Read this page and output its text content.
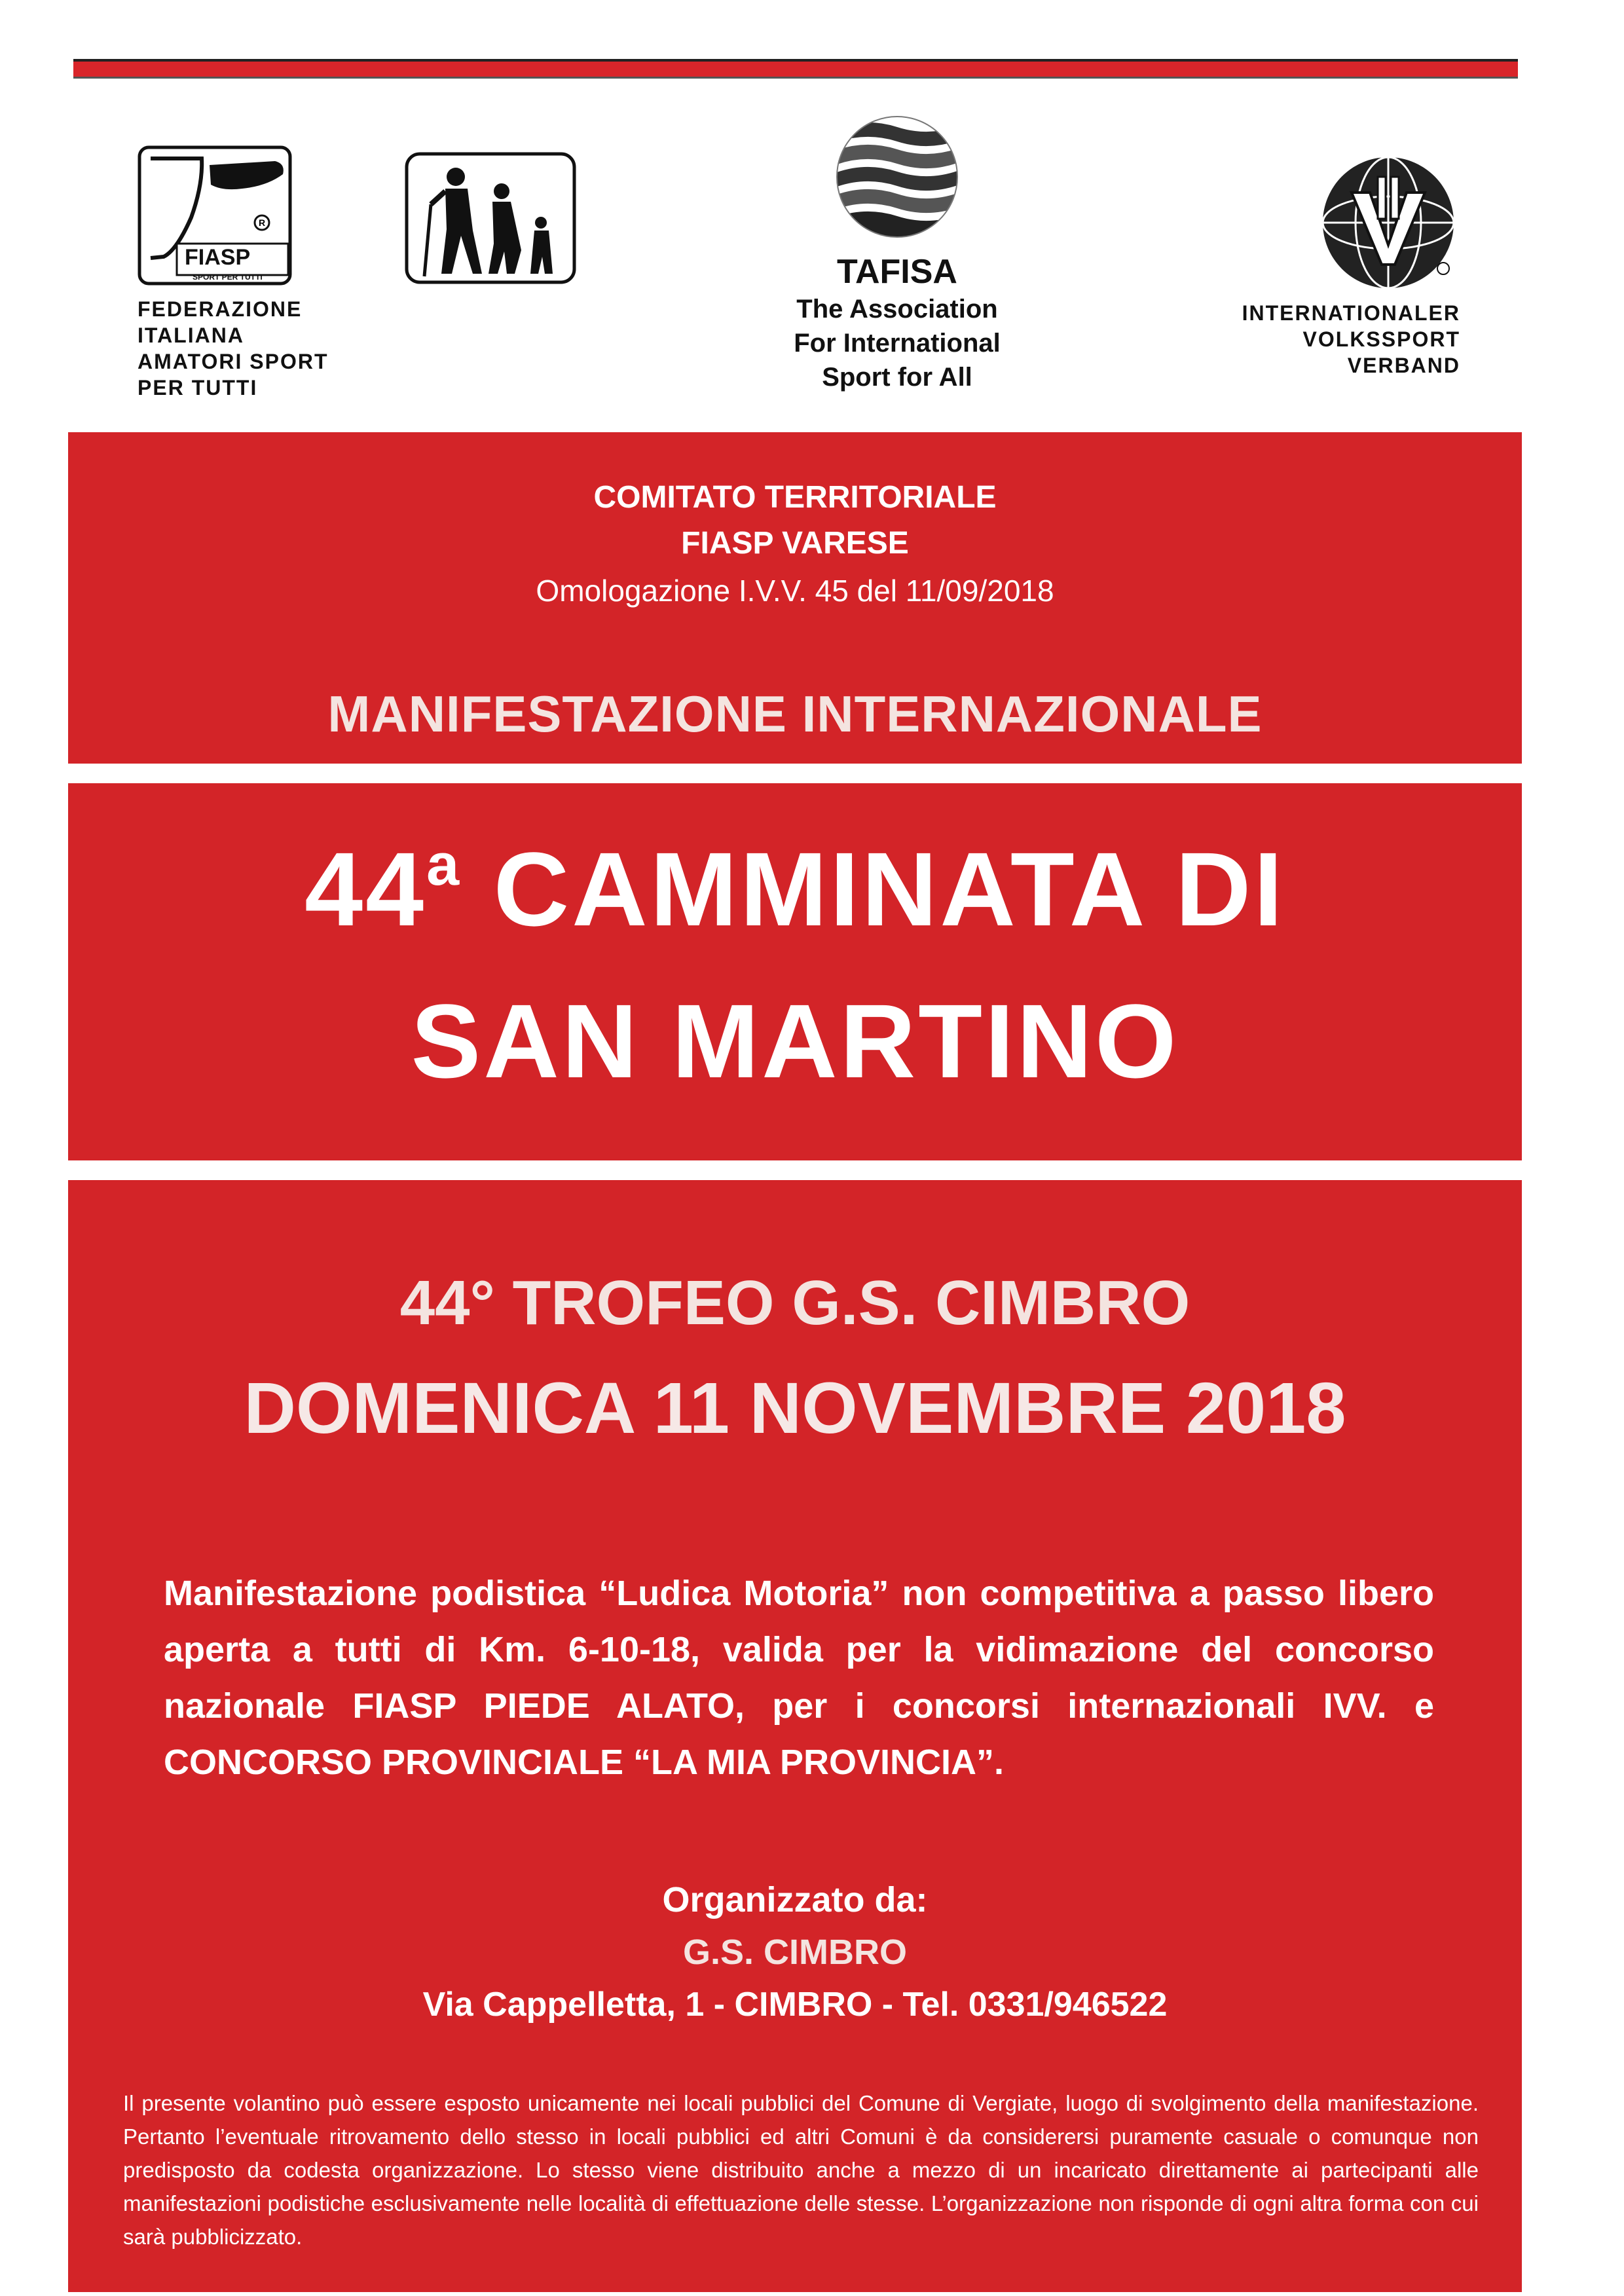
R
FIASP
SPORT PER TUTTI
FEDERAZIONE
ITALIANA
AMATORI SPORT
PER TUTTI
TAFISA
The Association
For International
Sport for All
INTERNATIONALER
VOLKSSPORT
VERBAND
COMITATO TERRITORIALE
FIASP VARESE
Omologazione I.V.V. 45 del 11/09/2018
MANIFESTAZIONE INTERNAZIONALE
44$^a$ CAMMINATA DI
SAN MARTINO
44° TROFEO G.S. CIMBRO
DOMENICA 11 NOVEMBRE 2018
Manifestazione podistica “Ludica Motoria” non competitiva a passo libero aperta a tutti di Km. 6-10-18, valida per la vidimazione del concorso nazionale FIASP PIEDE ALATO, per i concorsi internazionali IVV. e CONCORSO PROVINCIALE “LA MIA PROVINCIA”.
Organizzato da:
G.S. CIMBRO
Via Cappelletta, 1 - CIMBRO - Tel. 0331/946522
Il presente volantino può essere esposto unicamente nei locali pubblici del Comune di Vergiate, luogo di svolgimento della manifestazione. Pertanto l’eventuale ritrovamento dello stesso in locali pubblici ed altri Comuni è da considerersi puramente casuale o comunque non predisposto da codesta organizzazione. Lo stesso viene distribuito anche a mezzo di un incaricato direttamente ai partecipanti alle manifestazioni podistiche esclusivamente nelle località di effettuazione delle stesse. L’organizzazione non risponde di ogni altra forma con cui sarà pubblicizzato.
